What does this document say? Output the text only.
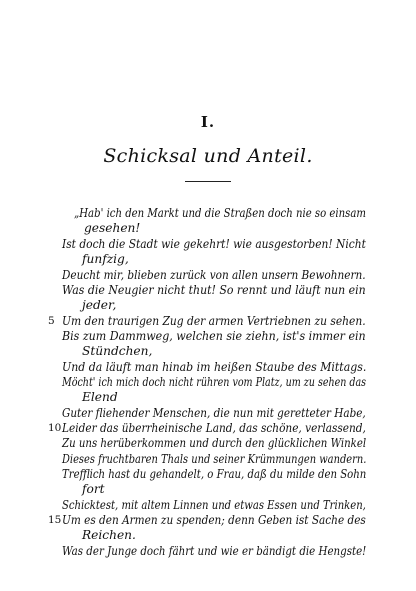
I.
Schicksal und Anteil.
„Hab' ich den Markt und die Straßen doch nie so einsam
gesehen!
Ist doch die Stadt wie gekehrt! wie ausgestorben! Nicht
funfzig,
Deucht mir, blieben zurück von allen unsern Bewohnern.
Was die Neugier nicht thut! So rennt und läuft nun ein
jeder,
5 Um den traurigen Zug der armen Vertriebnen zu sehen.
Bis zum Dammweg, welchen sie ziehn, ist's immer ein
Stündchen,
Und da läuft man hinab im heißen Staube des Mittags.
Möcht' ich mich doch nicht rühren vom Platz, um zu sehen das
Elend
Guter fliehender Menschen, die nun mit geretteter Habe,
10 Leider das überrheinische Land, das schöne, verlassend,
Zu uns herüberkommen und durch den glücklichen Winkel
Dieses fruchtbaren Thals und seiner Krümmungen wandern.
Trefflich hast du gehandelt, o Frau, daß du milde den Sohn
fort
Schicktest, mit altem Linnen und etwas Essen und Trinken,
15 Um es den Armen zu spenden; denn Geben ist Sache des
Reichen.
Was der Junge doch fährt und wie er bändigt die Hengste!
